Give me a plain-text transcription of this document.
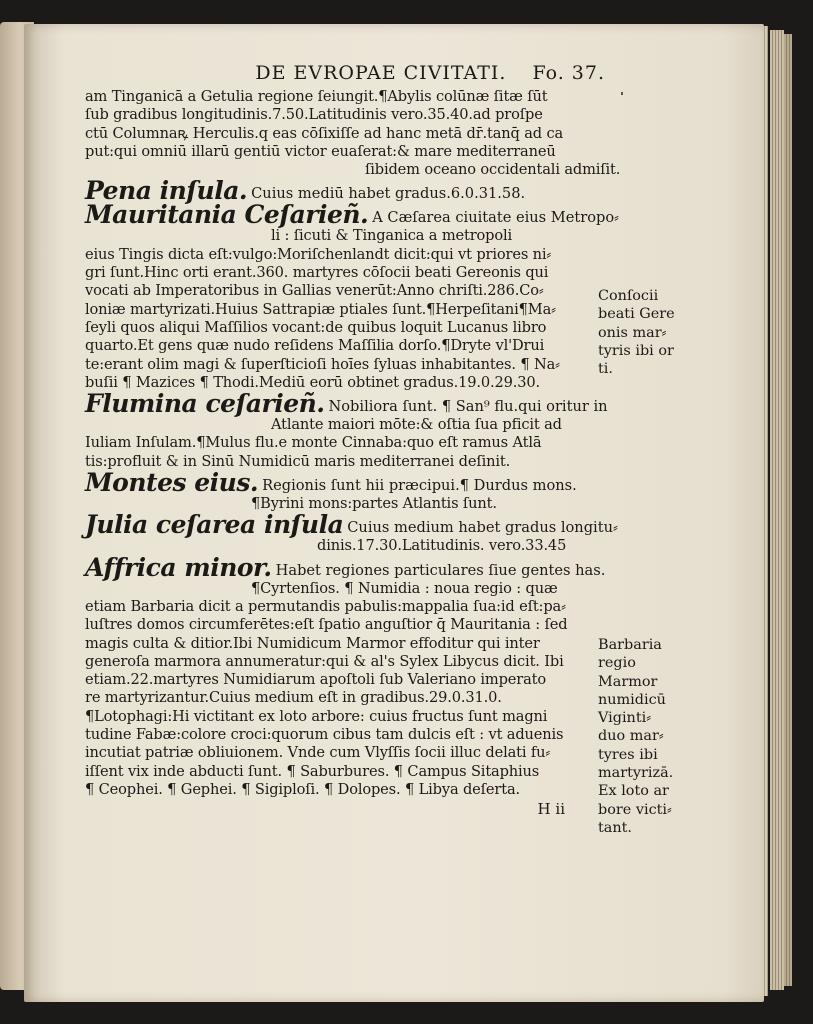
DE EVROPAE CIVITATI. Fo. 37.
am Tinganicā a Getulia regione ſeiungit.¶Abylis colūnæ ſitæ ſūt
ſub gradibus longitudinis.7.50.Latitudinis vero.35.40.ad proſpe
ctū Columnaꝶ Herculis.q eas cōſixiſſe ad hanc metā dr̄.tanq̄ ad ca
put:qui omniū illarū gentiū victor euaſerat:& mare mediterraneū
ſibidem oceano occidentali admiſit.
Pena inſula. Cuius mediū habet gradus.6.0.31.58.
Mauritania Ceſarieñ. A Cæſarea ciuitate eius Metropo⸗
li : ſicuti & Tinganica a metropoli
eius Tingis dicta eſt:vulgo:Moriſchenlandt dicit:qui vt priores ni⸗
gri ſunt.Hinc orti erant.360. martyres cōſocii beati Gereonis qui
vocati ab Imperatoribus in Gallias venerūt:Anno chriſti.286.Co⸗
loniæ martyrizati.Huius Sattrapiæ ptiales ſunt.¶Herpeſitani¶Ma⸗
ſeyli quos aliqui Maſſilios vocant:de quibus loquit Lucanus libro
quarto.Et gens quæ nudo reſidens Maſſilia dorſo.¶Dryte vl'Drui
te:erant olim magi & ſuperſticioſi hoīes ſyluas inhabitantes. ¶ Na⸗
buſii ¶ Mazices ¶ Thodi.Mediū eorū obtinet gradus.19.0.29.30.
Flumina ceſarieñ. Nobiliora ſunt. ¶ San⁹ flu.qui oritur in
Atlante maiori mōte:& oſtia ſua pficit ad
Iuliam Inſulam.¶Mulus flu.e monte Cinnaba:quo eſt ramus Atlā
tis:profluit & in Sinū Numidicū maris mediterranei deſinit.
Montes eius. Regionis ſunt hii præcipui.¶ Durdus mons.
¶Byrini mons:partes Atlantis ſunt.
Julia ceſarea inſula Cuius medium habet gradus longitu⸗
dinis.17.30.Latitudinis. vero.33.45
Affrica minor. Habet regiones particulares ſiue gentes has.
¶Cyrtenſios. ¶ Numidia : noua regio : quæ
etiam Barbaria dicit a permutandis pabulis:mappalia ſua:id eſt:pa⸗
luſtres domos circumferētes:eſt ſpatio anguſtior q̄ Mauritania : ſed
magis culta & ditior.Ibi Numidicum Marmor effoditur qui inter
generoſa marmora annumeratur:qui & al's Sylex Libycus dicit. Ibi
etiam.22.martyres Numidiarum apoſtoli ſub Valeriano imperato
re martyrizantur.Cuius medium eſt in gradibus.29.0.31.0.
¶Lotophagi:Hi victitant ex loto arbore: cuius fructus ſunt magni
tudine Fabæ:colore croci:quorum cibus tam dulcis eſt : vt aduenis
incutiat patriæ obliuionem. Vnde cum Vlyſſis ſocii illuc delati fu⸗
iſſent vix inde abducti ſunt. ¶ Saburbures. ¶ Campus Sitaphius
¶ Ceophei. ¶ Gephei. ¶ Sigiploſi. ¶ Dolopes. ¶ Libya deſerta.
H ii
Conſocii
beati Gere
onis mar⸗
tyris ibi or
ti.
Barbaria
regio
Marmor
numidicū
Viginti⸗
duo mar⸗
tyres ibi
martyrizā.
Ex loto ar
bore victi⸗
tant.
